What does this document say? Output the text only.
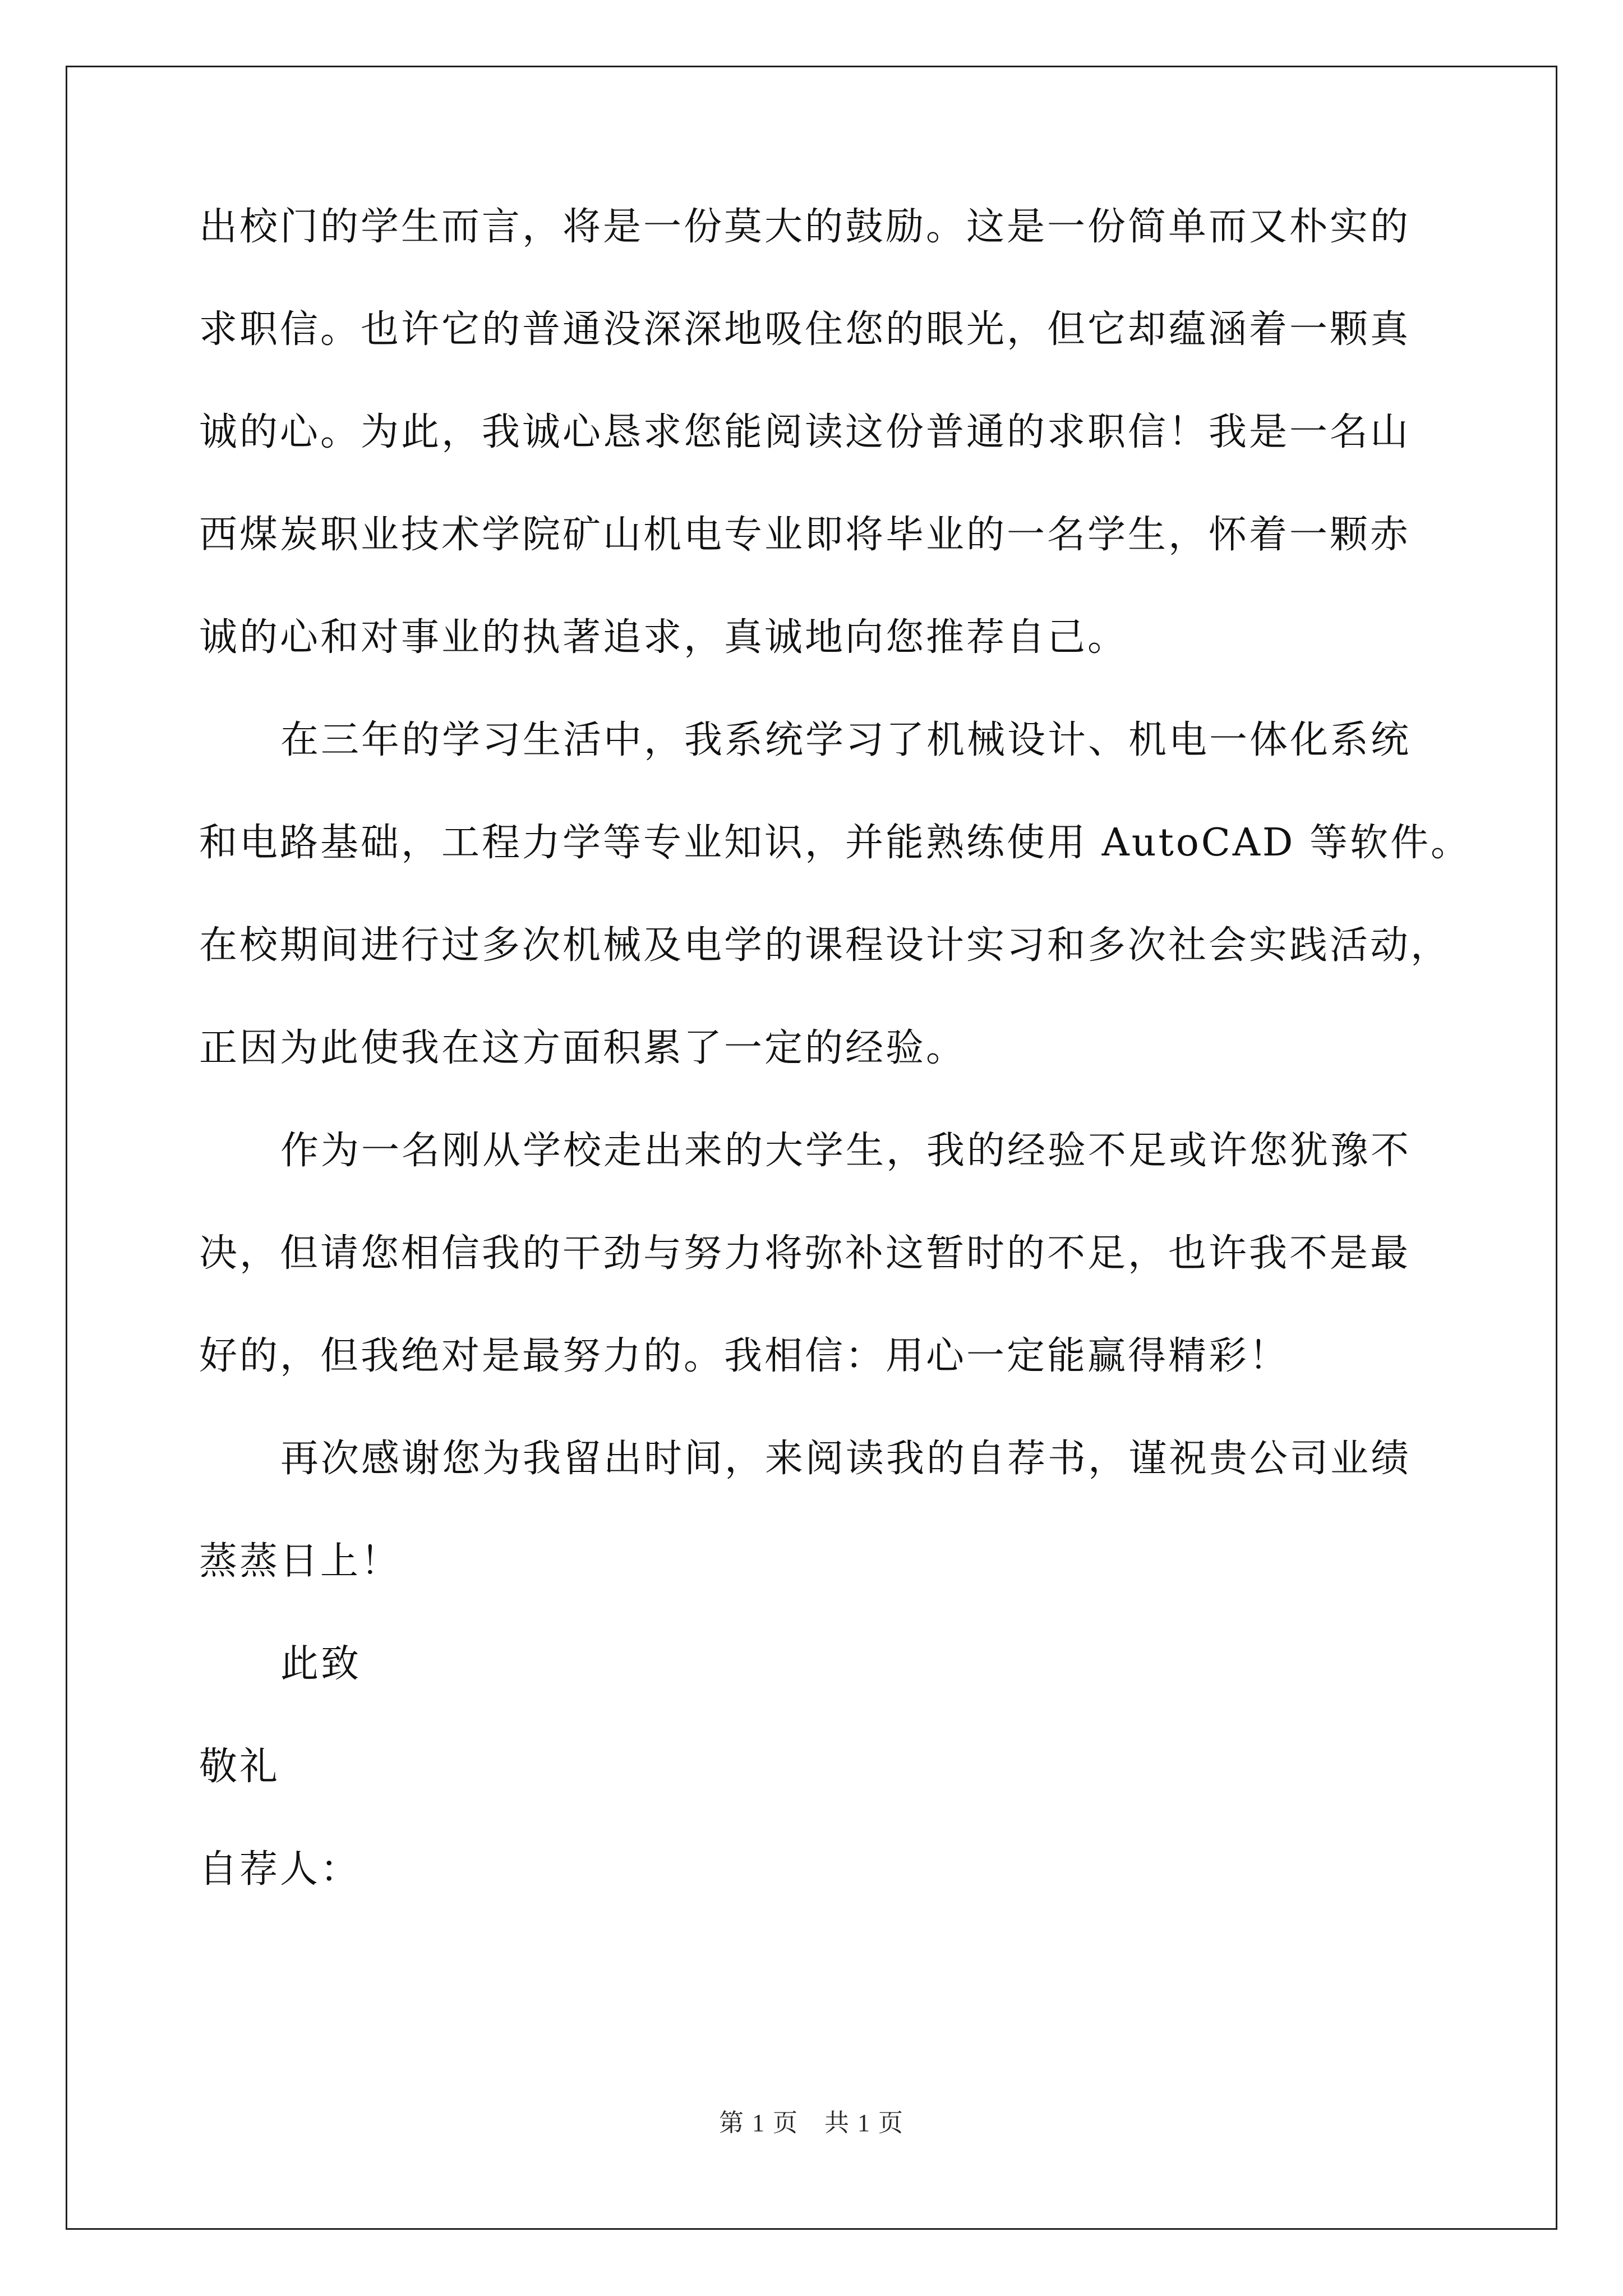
出校门的学生而言，将是一份莫大的鼓励。这是一份简单而又朴实的
求职信。也许它的普通没深深地吸住您的眼光，但它却蕴涵着一颗真
诚的心。为此，我诚心恳求您能阅读这份普通的求职信！我是一名山
西煤炭职业技术学院矿山机电专业即将毕业的一名学生，怀着一颗赤
诚的心和对事业的执著追求，真诚地向您推荐自己。
在三年的学习生活中，我系统学习了机械设计、机电一体化系统
和电路基础，工程力学等专业知识，并能熟练使用 AutoCAD 等软件。
在校期间进行过多次机械及电学的课程设计实习和多次社会实践活动，
正因为此使我在这方面积累了一定的经验。
作为一名刚从学校走出来的大学生，我的经验不足或许您犹豫不
决，但请您相信我的干劲与努力将弥补这暂时的不足，也许我不是最
好的，但我绝对是最努力的。我相信：用心一定能赢得精彩！
再次感谢您为我留出时间，来阅读我的自荐书，谨祝贵公司业绩
蒸蒸日上！
此致
敬礼
自荐人：
第 1 页　共 1 页
